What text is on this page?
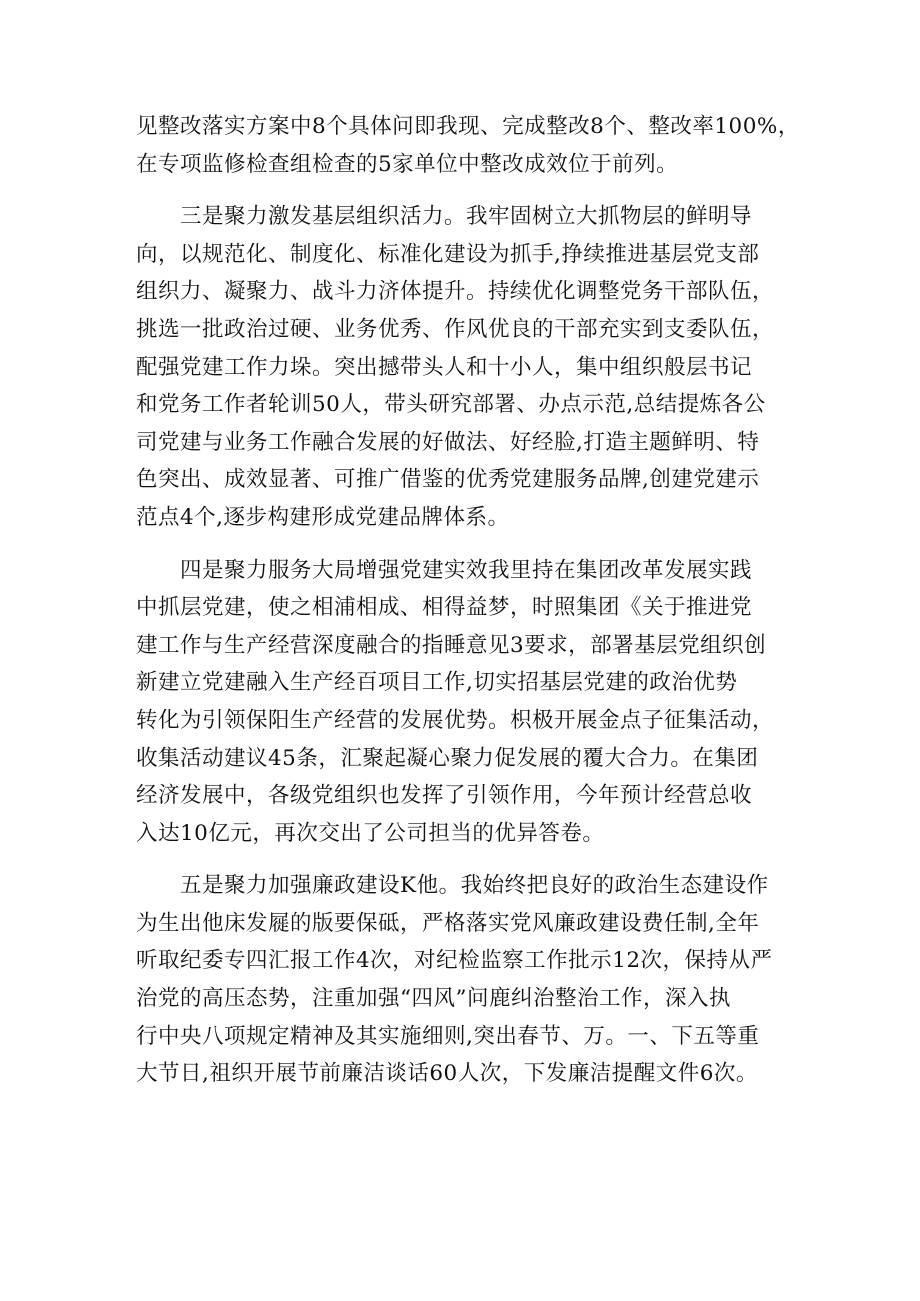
见整改落实方案中8个具体问即我现、完成整改8个、整改率100%，
在专项监修检查组检查的5家单位中整改成效位于前列。
三是聚力激发基层组织活力。我牢固树立大抓物层的鲜明导
向，以规范化、制度化、标准化建设为抓手,挣续推进基层党支部
组织力、凝聚力、战斗力济体提升。持续优化调整党务干部队伍，
挑选一批政治过硬、业务优秀、作风优良的干部充实到支委队伍，
配强党建工作力垛。突出撼带头人和十小人，集中组织般层书记
和党务工作者轮训50人，带头研究部署、办点示范,总结提炼各公
司党建与业务工作融合发展的好做法、好经脸,打造主题鲜明、特
色突出、成效显著、可推广借鉴的优秀党建服务品牌,创建党建示
范点4个,逐步构建形成党建品牌体系。
四是聚力服务大局增强党建实效我里持在集团改革发展实践
中抓层党建，使之相浦相成、相得益梦，时照集团《关于推进党
建工作与生产经营深度融合的指睡意见3要求，部署基层党组织创
新建立党建融入生产经百项目工作,切实招基层党建的政治优势
转化为引领保阳生产经营的发展优势。枳极开展金点子征集活动，
收集活动建议45条，汇聚起凝心聚力促发展的覆大合力。在集团
经济发展中，各级党组织也发挥了引领作用，今年预计经营总收
入达10亿元，再次交出了公司担当的优异答卷。
五是聚力加强廉政建设K他。我始终把良好的政治生态建设作
为生出他床发屣的版要保砥，严格落实党风廉政建设费任制,全年
听取纪委专四汇报工作4次，对纪检监察工作批示12次，保持从严
治党的高压态势，注重加强“四风”问鹿纠治整治工作，深入执
行中央八项规定精神及其实施细则,突出春节、万。一、下五等重
大节日,祖织开展节前廉洁谈话60人次，下发廉洁提醒文件6次。
